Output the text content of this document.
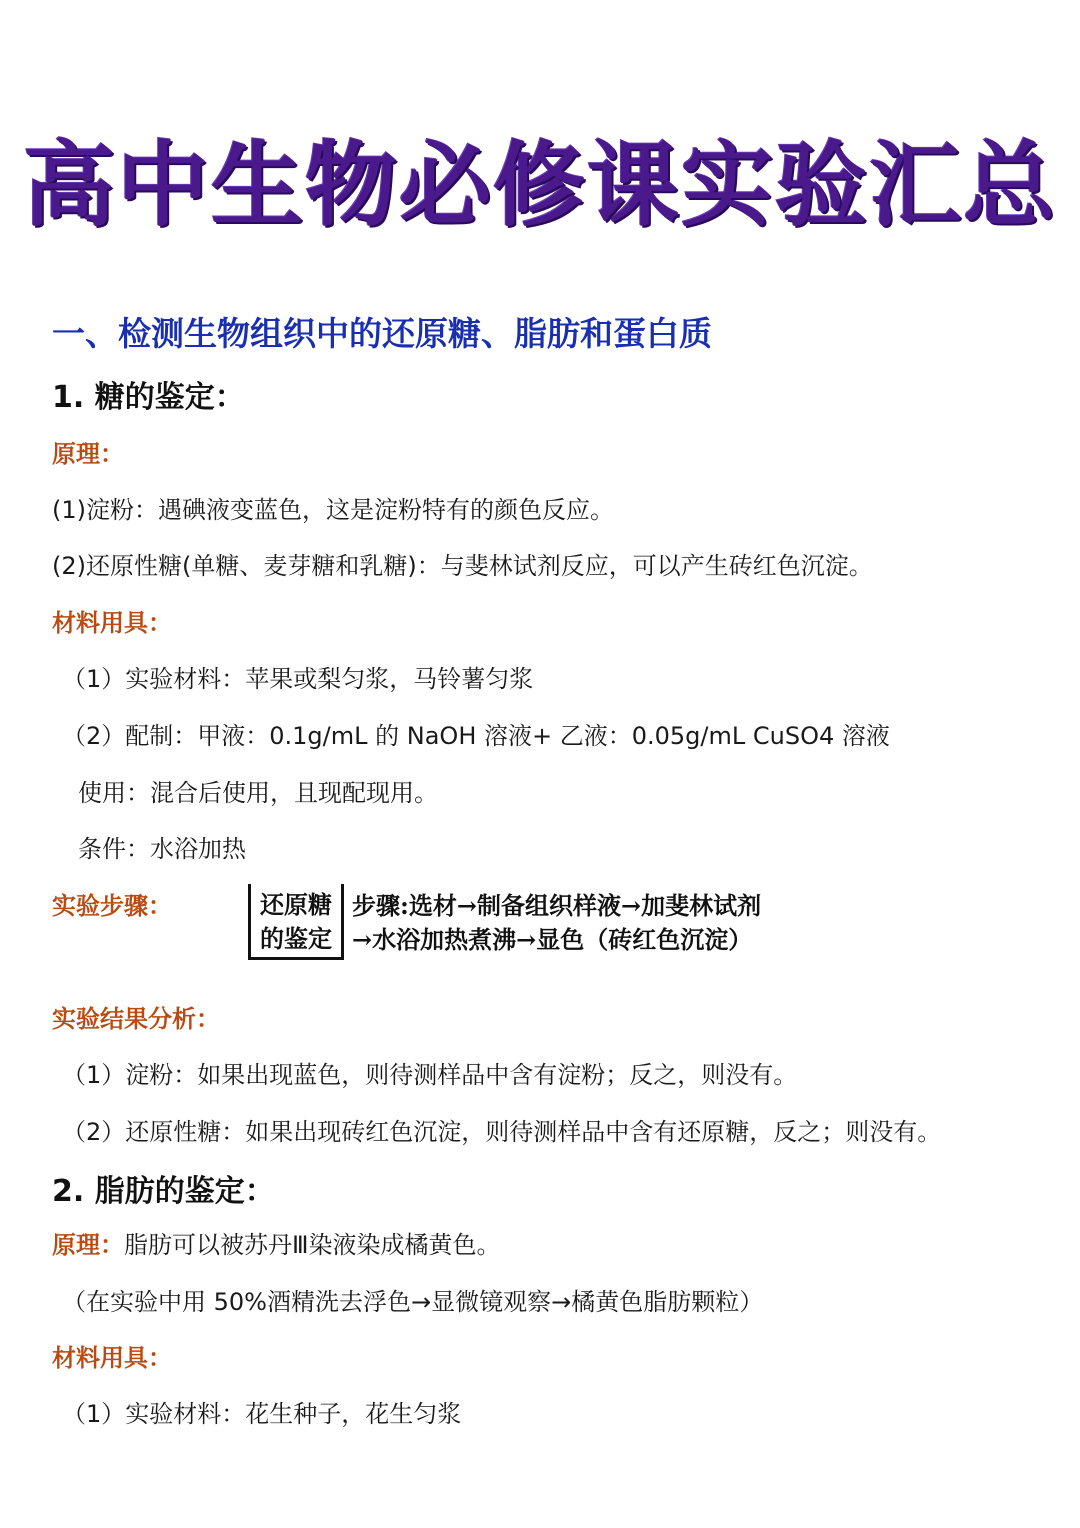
高中生物必修课实验汇总
一、检测生物组织中的还原糖、脂肪和蛋白质
1. 糖的鉴定：
原理：
(1)淀粉：遇碘液变蓝色，这是淀粉特有的颜色反应。
(2)还原性糖(单糖、麦芽糖和乳糖)：与斐林试剂反应，可以产生砖红色沉淀。
材料用具：
（1）实验材料：苹果或梨匀浆，马铃薯匀浆
（2）配制：甲液：0.1g/mL 的 NaOH 溶液+ 乙液：0.05g/mL CuSO4 溶液
使用：混合后使用，且现配现用。
条件：水浴加热
实验步骤：	还原糖
的鉴定
步骤:选材→制备组织样液→加斐林试剂
→水浴加热煮沸→显色（砖红色沉淀）
实验结果分析：
（1）淀粉：如果出现蓝色，则待测样品中含有淀粉；反之，则没有。
（2）还原性糖：如果出现砖红色沉淀，则待测样品中含有还原糖，反之；则没有。
2. 脂肪的鉴定：
原理：脂肪可以被苏丹Ⅲ染液染成橘黄色。
（在实验中用 50%酒精洗去浮色→显微镜观察→橘黄色脂肪颗粒）
材料用具：
（1）实验材料：花生种子，花生匀浆
